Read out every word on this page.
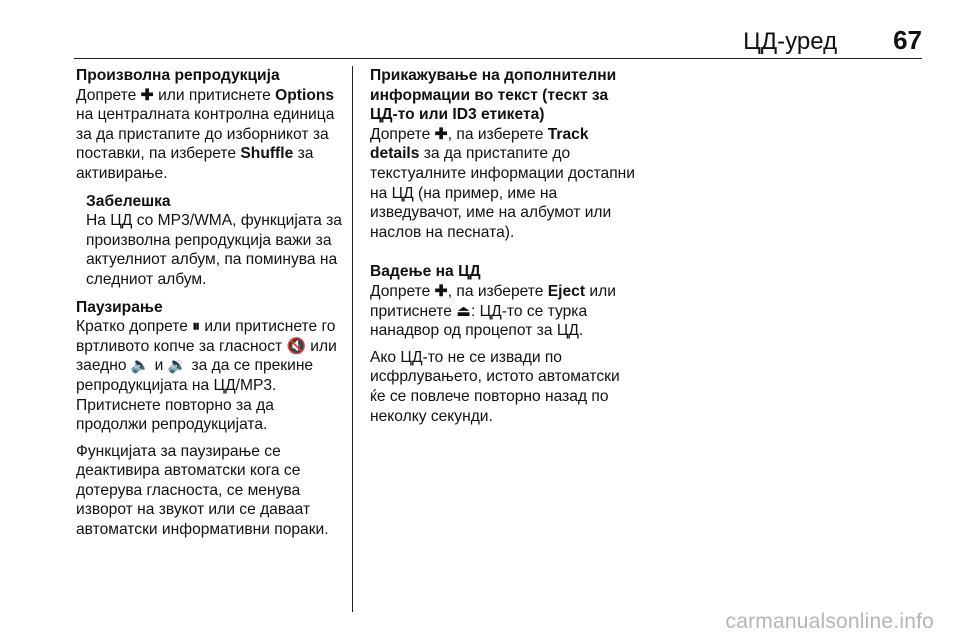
ЦД-уред 67
Произволна репродукција

Допрете ✚ или притиснете Options на централната контролна единица за да пристапите до изборникот за поставки, па изберете Shuffle за активирање.

Забелешка
На ЦД со MP3/WMA, функцијата за произволна репродукција важи за актуелниот албум, па поминува на следниот албум.
Паузирање

Кратко допрете ⏸ или притиснете го вртливото копче за гласност 🔇 или заедно 🔈 и 🔉 за да се прекине репродукцијата на ЦД/MP3. Притиснете повторно за да продолжи репродукцијата.

Функцијата за паузирање се деактивира автоматски кога се дотерува гласноста, се менува изворот на звукот или се даваат автоматски информативни пораки.

Прикажување на дополнителни информации во текст (тескт за ЦД-то или ID3 етикета)

Допрете ✚, па изберете Track details за да пристапите до текстуалните информации достапни на ЦД (на пример, име на изведувачот, име на албумот или наслов на песната).

Вадење на ЦД

Допрете ✚, па изберете Eject или притиснете ⏏: ЦД-то се турка нанадвор од процепот за ЦД.

Ако ЦД-то не се извади по исфрлувањето, истото автоматски ќе се повлече повторно назад по неколку секунди.

carmanualsonline.info
